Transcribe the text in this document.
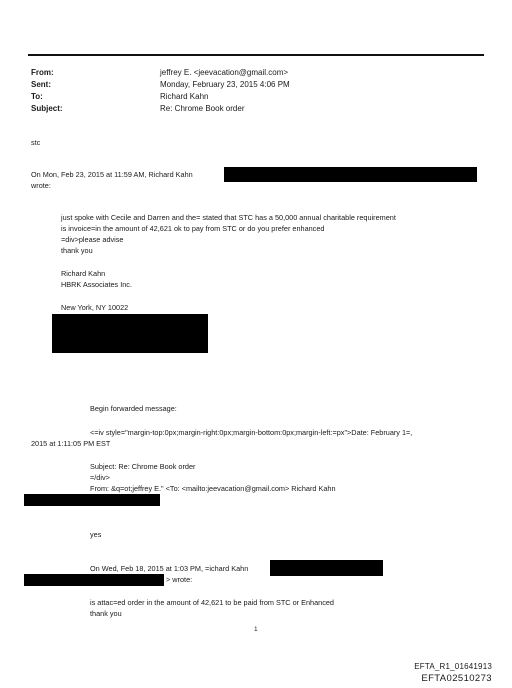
From:	jeffrey E. <jeevacation@gmail.com>
Sent:	Monday, February 23, 2015 4:06 PM
To:	Richard Kahn
Subject:	Re: Chrome Book order
stc
On Mon, Feb 23, 2015 at 11:59 AM, Richard Kahn
wrote:
just spoke with Cecile and Darren and the= stated that STC has a 50,000 annual charitable requirement
is invoice=in the amount of 42,621 ok to pay from STC or do you prefer enhanced
=div>please advise
thank you
Richard Kahn
HBRK Associates Inc.
New York, NY 10022
Begin forwarded message:
<=iv style="margin-top:0px;margin-right:0px;margin-bottom:0px;margin-left:=px">Date: February 1=,
2015 at 1:11:05 PM EST
Subject: Re: Chrome Book order
=/div>
From: &q=ot;jeffrey E." <To: <mailto:jeevacation@gmail.com> Richard Kahn
yes
On Wed, Feb 18, 2015 at 1:03 PM, =ichard Kahn
> wrote:
is attac=ed order in the amount of 42,621 to be paid from STC or Enhanced
thank you
1
EFTA_R1_01641913
EFTA02510273
